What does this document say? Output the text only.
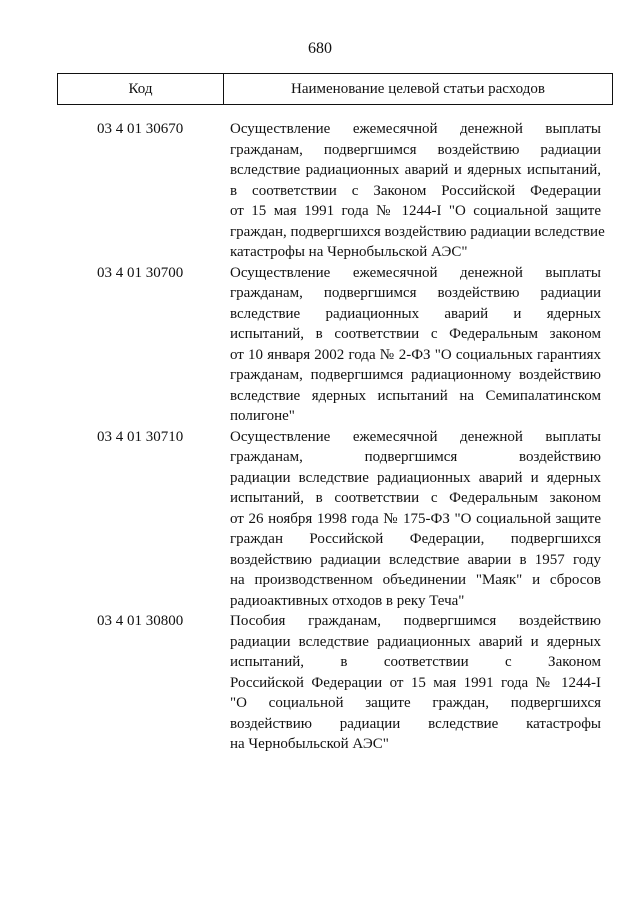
680
Код	Наименование целевой статьи расходов
03 4 01 30670	Осуществление ежемесячной денежной выплаты
гражданам, подвергшимся воздействию радиации
вследствие радиационных аварий и ядерных испытаний,
в соответствии с Законом Российской Федерации
от 15 мая 1991 года № 1244-I "О социальной защите
граждан, подвергшихся воздействию радиации вследствие
катастрофы на Чернобыльской АЭС"
03 4 01 30700	Осуществление ежемесячной денежной выплаты
гражданам, подвергшимся воздействию радиации
вследствие радиационных аварий и ядерных
испытаний, в соответствии с Федеральным законом
от 10 января 2002 года № 2-ФЗ "О социальных гарантиях
гражданам, подвергшимся радиационному воздействию
вследствие ядерных испытаний на Семипалатинском
полигоне"
03 4 01 30710	Осуществление ежемесячной денежной выплаты
гражданам, подвергшимся воздействию
радиации вследствие радиационных аварий и ядерных
испытаний, в соответствии с Федеральным законом
от 26 ноября 1998 года № 175-ФЗ "О социальной защите
граждан Российской Федерации, подвергшихся
воздействию радиации вследствие аварии в 1957 году
на производственном объединении "Маяк" и сбросов
радиоактивных отходов в реку Теча"
03 4 01 30800	Пособия гражданам, подвергшимся воздействию
радиации вследствие радиационных аварий и ядерных
испытаний, в соответствии с Законом
Российской Федерации от 15 мая 1991 года № 1244-I
"О социальной защите граждан, подвергшихся
воздействию радиации вследствие катастрофы
на Чернобыльской АЭС"
